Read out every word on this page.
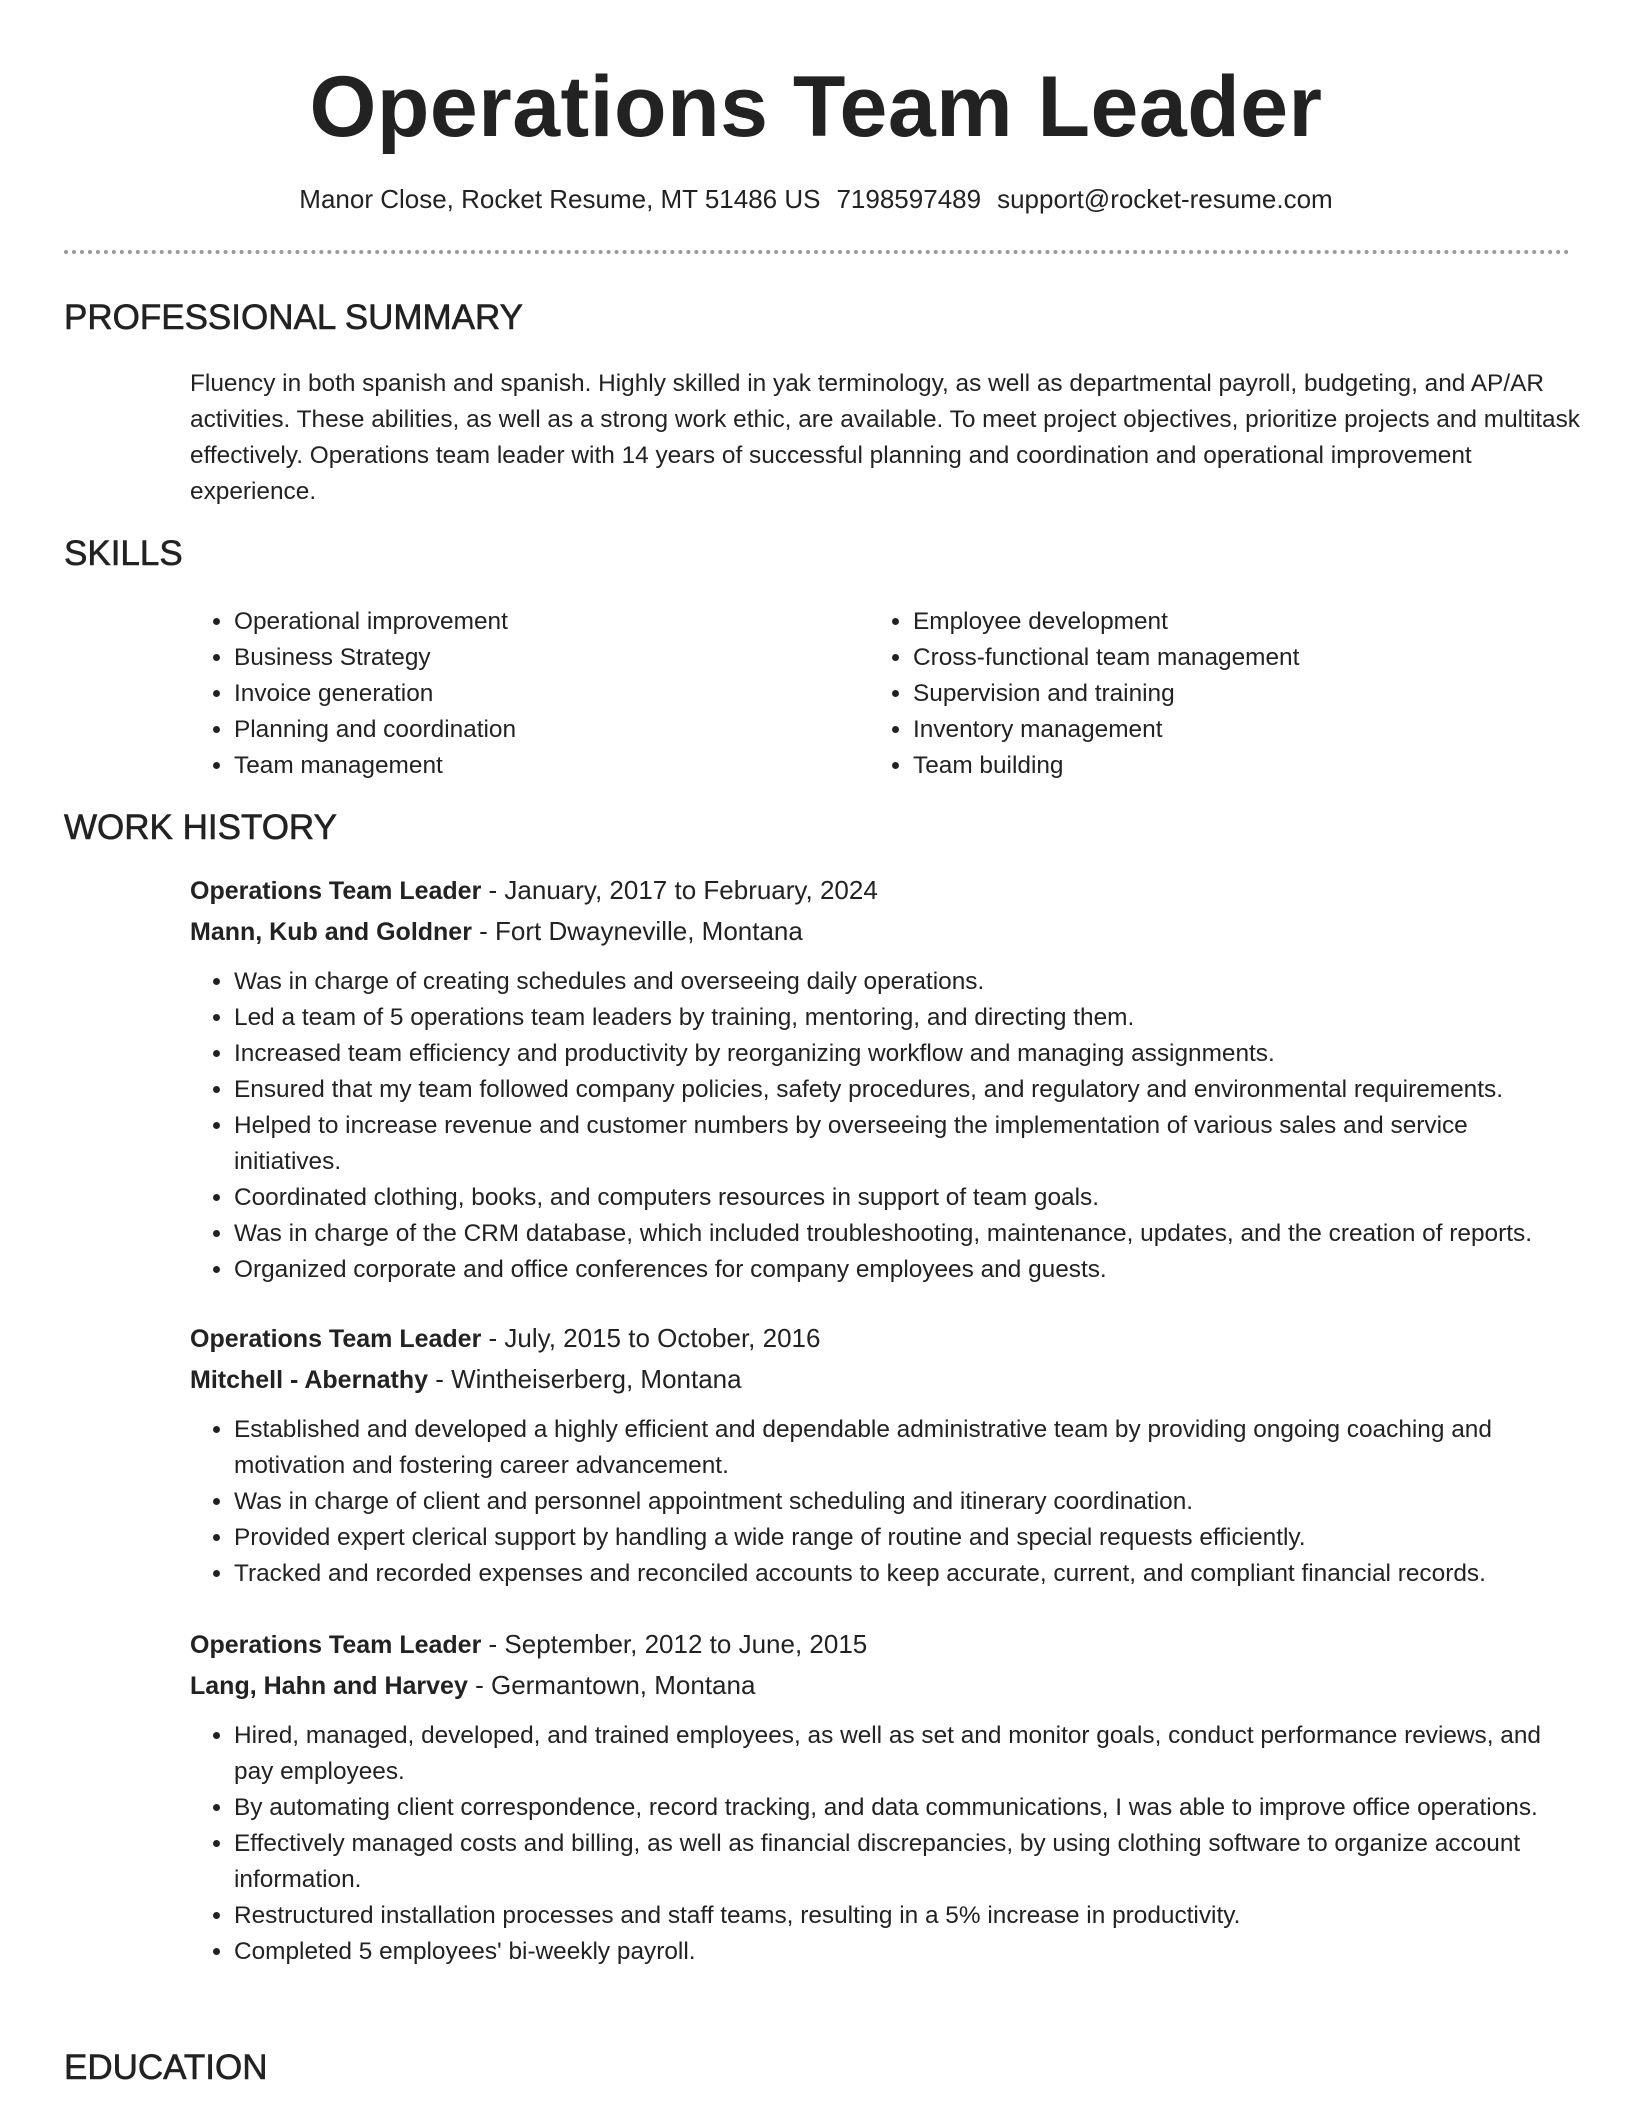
Operations Team Leader
Manor Close, Rocket Resume, MT 51486 US 7198597489 support@rocket-resume.com
PROFESSIONAL SUMMARY

Fluency in both spanish and spanish. Highly skilled in yak terminology, as well as departmental payroll, budgeting, and AP/AR activities. These abilities, as well as a strong work ethic, are available. To meet project objectives, prioritize projects and multitask effectively. Operations team leader with 14 years of successful planning and coordination and operational improvement experience.

SKILLS
• Operational improvement
• Business Strategy
• Invoice generation
• Planning and coordination
• Team management
• Employee development
• Cross-functional team management
• Supervision and training
• Inventory management
• Team building
WORK HISTORY
Operations Team Leader - January, 2017 to February, 2024
Mann, Kub and Goldner - Fort Dwayneville, Montana
• Was in charge of creating schedules and overseeing daily operations.
• Led a team of 5 operations team leaders by training, mentoring, and directing them.
• Increased team efficiency and productivity by reorganizing workflow and managing assignments.
• Ensured that my team followed company policies, safety procedures, and regulatory and environmental requirements.
• Helped to increase revenue and customer numbers by overseeing the implementation of various sales and service initiatives.
• Coordinated clothing, books, and computers resources in support of team goals.
• Was in charge of the CRM database, which included troubleshooting, maintenance, updates, and the creation of reports.
• Organized corporate and office conferences for company employees and guests.
Operations Team Leader - July, 2015 to October, 2016
Mitchell - Abernathy - Wintheiserberg, Montana
• Established and developed a highly efficient and dependable administrative team by providing ongoing coaching and motivation and fostering career advancement.
• Was in charge of client and personnel appointment scheduling and itinerary coordination.
• Provided expert clerical support by handling a wide range of routine and special requests efficiently.
• Tracked and recorded expenses and reconciled accounts to keep accurate, current, and compliant financial records.
Operations Team Leader - September, 2012 to June, 2015
Lang, Hahn and Harvey - Germantown, Montana
• Hired, managed, developed, and trained employees, as well as set and monitor goals, conduct performance reviews, and pay employees.
• By automating client correspondence, record tracking, and data communications, I was able to improve office operations.
• Effectively managed costs and billing, as well as financial discrepancies, by using clothing software to organize account information.
• Restructured installation processes and staff teams, resulting in a 5% increase in productivity.
• Completed 5 employees' bi-weekly payroll.
EDUCATION
